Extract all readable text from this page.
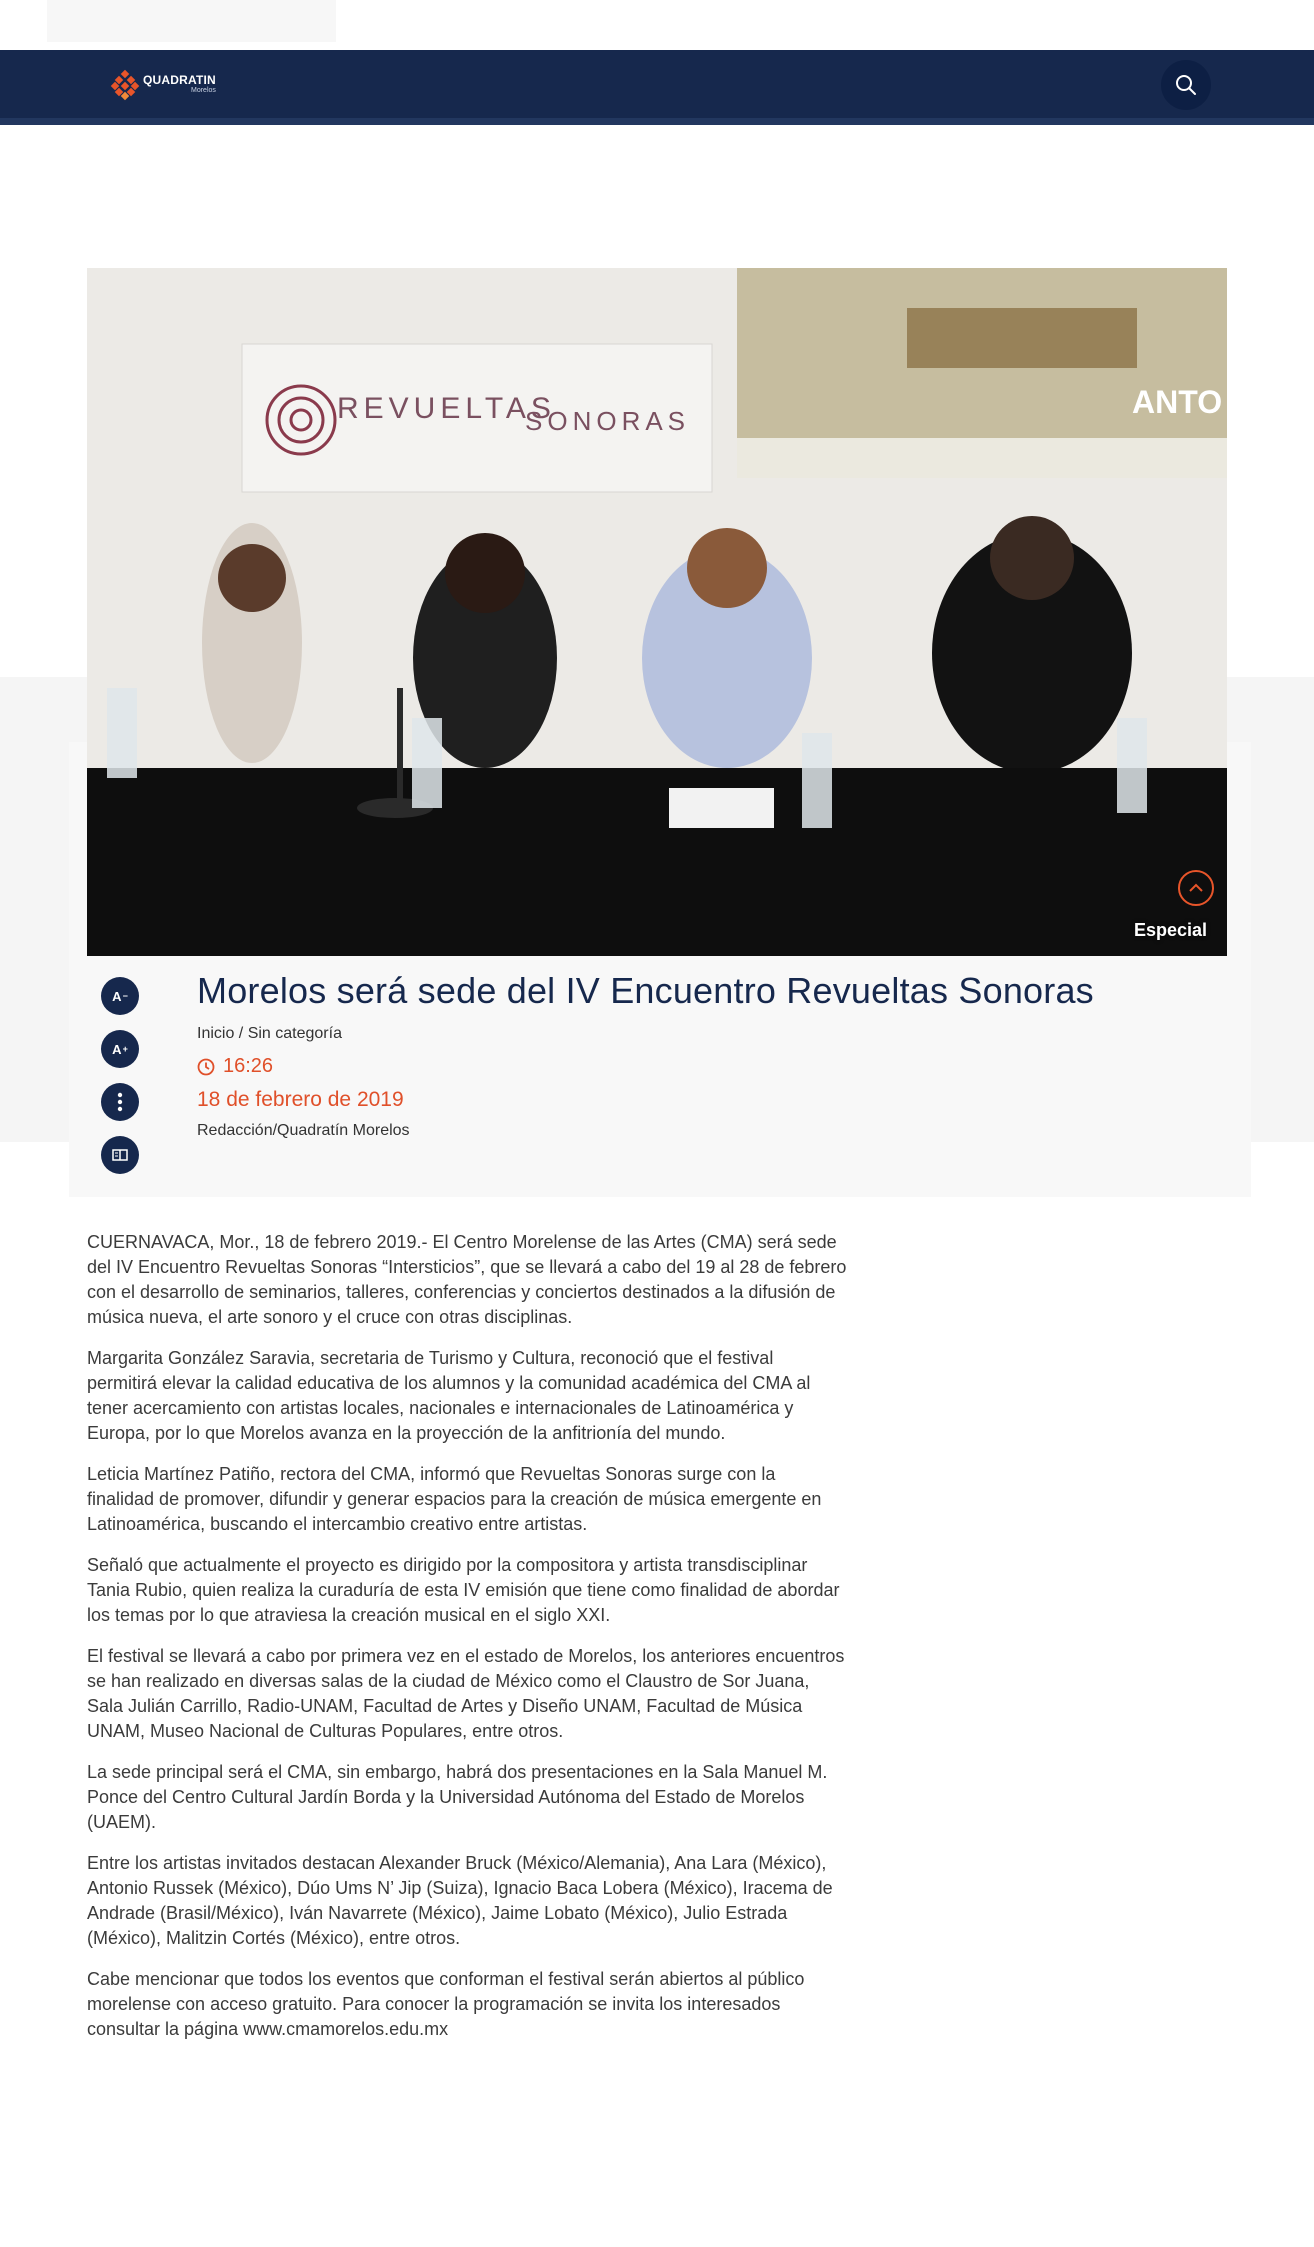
QUADRATIN
Morelos
ANTO
REVUELTAS
SONORAS
Especial
A −
A +
Morelos será sede del IV Encuentro Revueltas Sonoras
Inicio / Sin categoría
16:26
18 de febrero de 2019
Redacción/Quadratín Morelos

CUERNAVACA, Mor., 18 de febrero 2019.- El Centro Morelense de las Artes (CMA) será sede del IV Encuentro Revueltas Sonoras “Intersticios”, que se llevará a cabo del 19 al 28 de febrero con el desarrollo de seminarios, talleres, conferencias y conciertos destinados a la difusión de música nueva, el arte sonoro y el cruce con otras disciplinas.

Margarita González Saravia, secretaria de Turismo y Cultura, reconoció que el festival permitirá elevar la calidad educativa de los alumnos y la comunidad académica del CMA al tener acercamiento con artistas locales, nacionales e internacionales de Latinoamérica y Europa, por lo que Morelos avanza en la proyección de la anfitrionía del mundo.

Leticia Martínez Patiño, rectora del CMA, informó que Revueltas Sonoras surge con la finalidad de promover, difundir y generar espacios para la creación de música emergente en Latinoamérica, buscando el intercambio creativo entre artistas.

Señaló que actualmente el proyecto es dirigido por la compositora y artista transdisciplinar Tania Rubio, quien realiza la curaduría de esta IV emisión que tiene como finalidad de abordar los temas por lo que atraviesa la creación musical en el siglo XXI.

El festival se llevará a cabo por primera vez en el estado de Morelos, los anteriores encuentros se han realizado en diversas salas de la ciudad de México como el Claustro de Sor Juana, Sala Julián Carrillo, Radio-UNAM, Facultad de Artes y Diseño UNAM, Facultad de Música UNAM, Museo Nacional de Culturas Populares, entre otros.

La sede principal será el CMA, sin embargo, habrá dos presentaciones en la Sala Manuel M. Ponce del Centro Cultural Jardín Borda y la Universidad Autónoma del Estado de Morelos (UAEM).

Entre los artistas invitados destacan Alexander Bruck (México/Alemania), Ana Lara (México), Antonio Russek (México), Dúo Ums N’ Jip (Suiza), Ignacio Baca Lobera (México), Iracema de Andrade (Brasil/México), Iván Navarrete (México), Jaime Lobato (México), Julio Estrada (México), Malitzin Cortés (México), entre otros.

Cabe mencionar que todos los eventos que conforman el festival serán abiertos al público morelense con acceso gratuito. Para conocer la programación se invita los interesados consultar la página www.cmamorelos.edu.mx
